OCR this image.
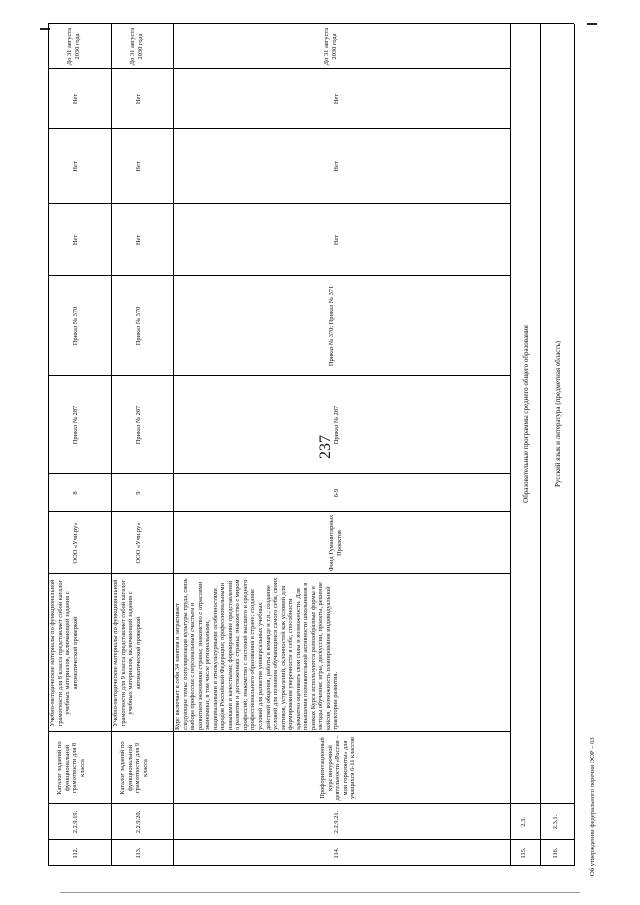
237
112.
2.2.9.19.
Каталог заданий по функциональной грамотности для 8 класса
Учебно-методические материалы по функциональной грамотности для 8 класса представляет собой каталог учебных материалов, включающий задания с автоматической проверкой
ООО «Учи.ру»
8
Приказ № 287
Приказ № 370
Нет
Нет
Нет
До 31 августа 2030 года
113.
2.2.9.20.
Каталог заданий по функциональной грамотности для 9 класса
Учебно-методические материалы по функциональной грамотности для 9 класса представляет собой каталог учебных материалов, включающий задания с автоматической проверкой
ООО «Учи.ру»
9
Приказ № 287
Приказ № 370
Нет
Нет
Нет
До 31 августа 2030 года
114.
2.2.9.21.
Профориентационный курс внеурочной деятельности «Россия – мои горизонты» для учащихся 6-11 классов
Курс включает в себя 34 занятия и затрагивает следующие темы: популяризация культуры труда, связь выбора профессии с персональным счастьем и развитием экономики страны; знакомство с отраслями экономики, в том числе региональными, национальными и этнокультурными особенностями народов Российской Федерации; профессиональными навыками и качествами; формирование представлений о развитии и достижениях страны; знакомство с миром профессий; знакомство с системой высшего и среднего профессионального образования в стране; создание условий для развития универсальных учебных действий общения, работы в команде и т.п.; создание условий для познания обучающимся самого себя, своих мотивов, устремлений, склонностей как условий для формирования уверенности в себе, способности адекватно оценивать свои силы и возможности. Для повышения познавательной активности школьников в рамках Курса используются разнообразные формы и методы обучения: игры, дискуссии, проекты, решение кейсов, возможность планирования индивидуальной траектории развития.
Фонд Гуманитарных Проектов
6-9
Приказ № 287
Приказ № 370; Приказ № 371
Нет
Нет
Нет
До 31 августа 2030 года
115.
2.3.
Образовательные программы среднего общего образования
116.
2.3.1.
Русский язык и литература (предметная область)
Об утверждении федерального перечня ЭОР – 03
